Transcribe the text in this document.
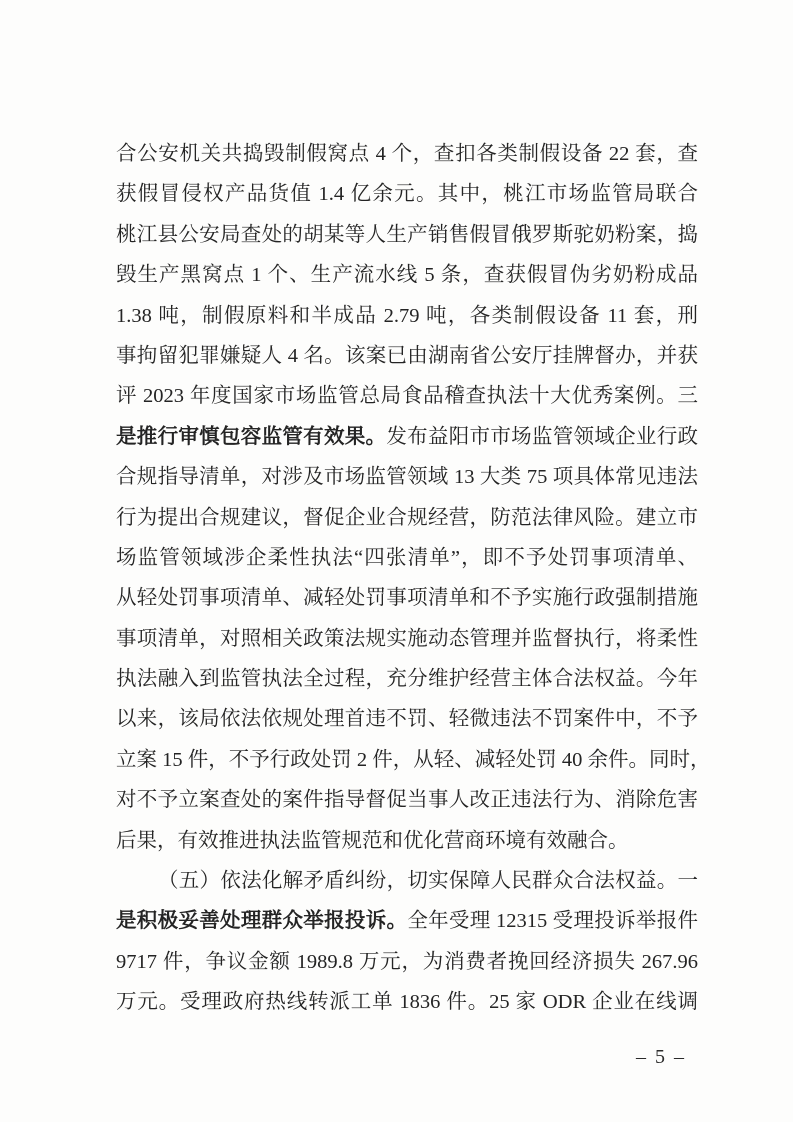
合公安机关共捣毁制假窝点 4 个，查扣各类制假设备 22 套，查
获假冒侵权产品货值 1.4 亿余元。其中，桃江市场监管局联合
桃江县公安局查处的胡某等人生产销售假冒俄罗斯驼奶粉案，捣
毁生产黑窝点 1 个、生产流水线 5 条，查获假冒伪劣奶粉成品
1.38 吨，制假原料和半成品 2.79 吨，各类制假设备 11 套，刑
事拘留犯罪嫌疑人 4 名。该案已由湖南省公安厅挂牌督办，并获
评 2023 年度国家市场监管总局食品稽查执法十大优秀案例。三
是推行审慎包容监管有效果。发布益阳市市场监管领域企业行政
合规指导清单，对涉及市场监管领域 13 大类 75 项具体常见违法
行为提出合规建议，督促企业合规经营，防范法律风险。建立市
场监管领域涉企柔性执法“四张清单”，即不予处罚事项清单、
从轻处罚事项清单、减轻处罚事项清单和不予实施行政强制措施
事项清单，对照相关政策法规实施动态管理并监督执行，将柔性
执法融入到监管执法全过程，充分维护经营主体合法权益。今年
以来，该局依法依规处理首违不罚、轻微违法不罚案件中，不予
立案 15 件，不予行政处罚 2 件，从轻、减轻处罚 40 余件。同时，
对不予立案查处的案件指导督促当事人改正违法行为、消除危害
后果，有效推进执法监管规范和优化营商环境有效融合。
（五）依法化解矛盾纠纷，切实保障人民群众合法权益。一
是积极妥善处理群众举报投诉。全年受理 12315 受理投诉举报件
9717 件，争议金额 1989.8 万元，为消费者挽回经济损失 267.96
万元。受理政府热线转派工单 1836 件。25 家 ODR 企业在线调
– 5 –
